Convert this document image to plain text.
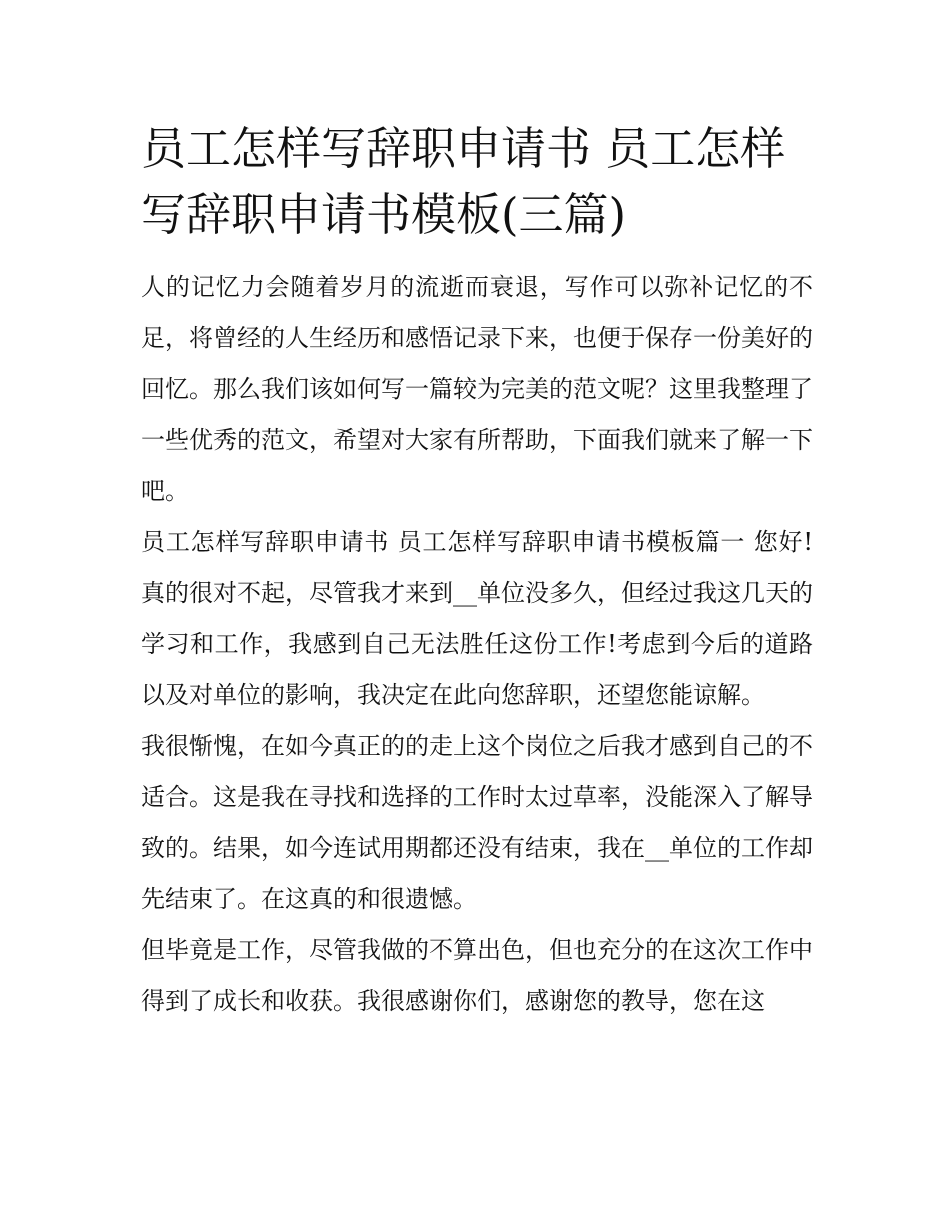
员工怎样写辞职申请书 员工怎样写辞职申请书模板(三篇)

人的记忆力会随着岁月的流逝而衰退，写作可以弥补记忆的不足，将曾经的人生经历和感悟记录下来，也便于保存一份美好的回忆。那么我们该如何写一篇较为完美的范文呢？这里我整理了一些优秀的范文，希望对大家有所帮助，下面我们就来了解一下吧。

员工怎样写辞职申请书 员工怎样写辞职申请书模板篇一 您好!真的很对不起，尽管我才来到__单位没多久，但经过我这几天的学习和工作，我感到自己无法胜任这份工作!考虑到今后的道路以及对单位的影响，我决定在此向您辞职，还望您能谅解。

我很惭愧，在如今真正的的走上这个岗位之后我才感到自己的不适合。这是我在寻找和选择的工作时太过草率，没能深入了解导致的。结果，如今连试用期都还没有结束，我在__单位的工作却先结束了。在这真的和很遗憾。

但毕竟是工作，尽管我做的不算出色，但也充分的在这次工作中得到了成长和收获。我很感谢你们，感谢您的教导，您在这
